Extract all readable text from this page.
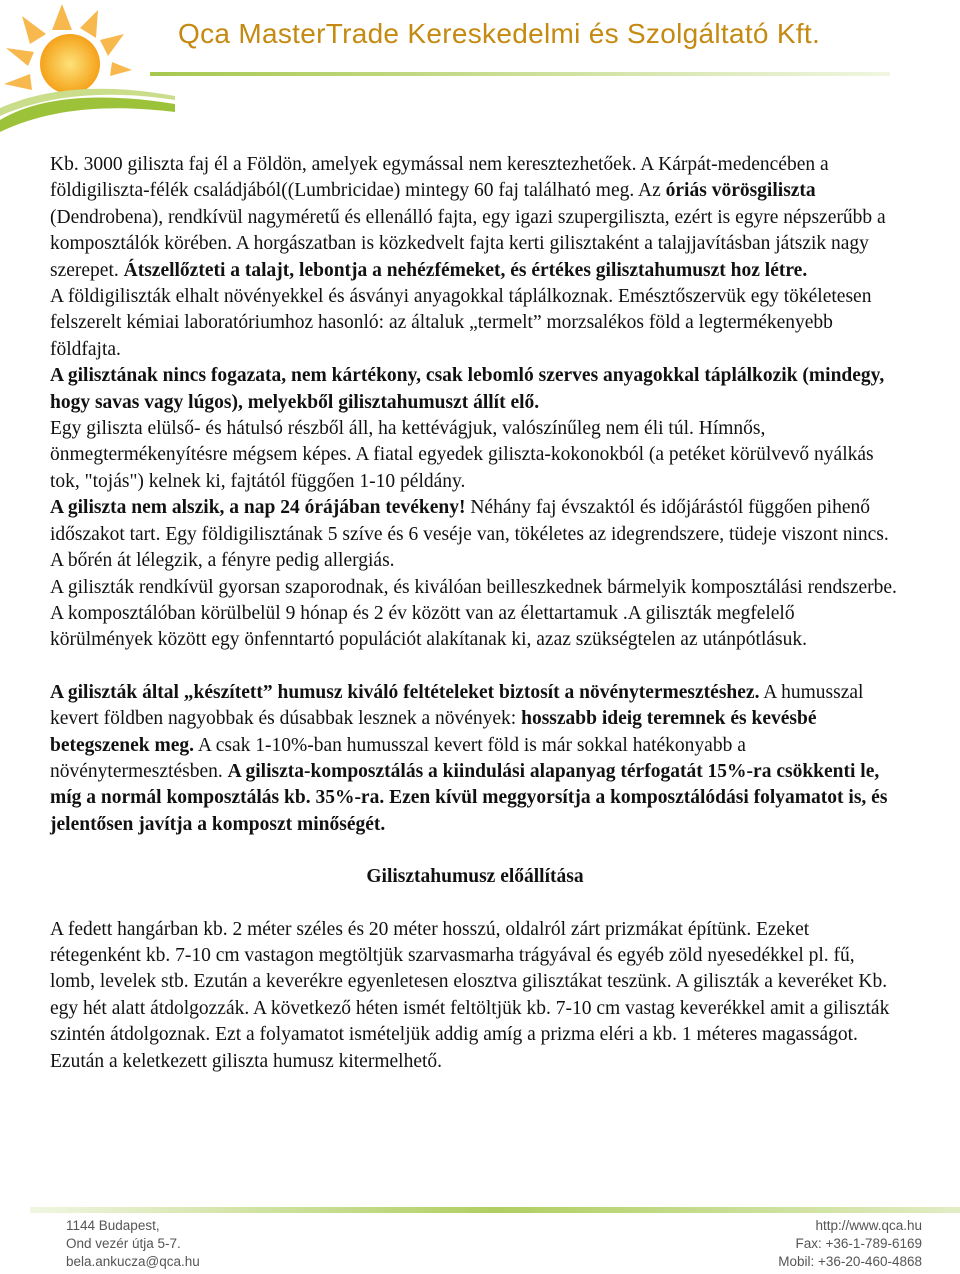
Qca MasterTrade Kereskedelmi és Szolgáltató Kft.

Kb. 3000 giliszta faj él a Földön, amelyek egymással nem keresztezhetőek. A Kárpát-medencében a földigiliszta-félék családjából((Lumbricidae) mintegy 60 faj található meg. Az óriás vörösgiliszta (Dendrobena), rendkívül nagyméretű és ellenálló fajta, egy igazi szupergiliszta, ezért is egyre népszerűbb a komposztálók körében. A horgászatban is közkedvelt fajta kerti gilisztaként a talajjavításban játszik nagy szerepet. Átszellőzteti a talajt, lebontja a nehézfémeket, és értékes gilisztahumuszt hoz létre.

A földigiliszták elhalt növényekkel és ásványi anyagokkal táplálkoznak. Emésztőszervük egy tökéletesen felszerelt kémiai laboratóriumhoz hasonló: az általuk „termelt” morzsalékos föld a legtermékenyebb földfajta.

A gilisztának nincs fogazata, nem kártékony, csak lebomló szerves anyagokkal táplálkozik (mindegy, hogy savas vagy lúgos), melyekből gilisztahumuszt állít elő.

Egy giliszta elülső- és hátulsó részből áll, ha kettévágjuk, valószínűleg nem éli túl. Hímnős, önmegtermékenyítésre mégsem képes. A fiatal egyedek giliszta-kokonokból (a petéket körülvevő nyálkás tok, "tojás") kelnek ki, fajtától függően 1-10 példány.

A giliszta nem alszik, a nap 24 órájában tevékeny! Néhány faj évszaktól és időjárástól függően pihenő időszakot tart. Egy földigilisztának 5 szíve és 6 veséje van, tökéletes az idegrendszere, tüdeje viszont nincs. A bőrén át lélegzik, a fényre pedig allergiás.

A giliszták rendkívül gyorsan szaporodnak, és kiválóan beilleszkednek bármelyik komposztálási rendszerbe. A komposztálóban körülbelül 9 hónap és 2 év között van az élettartamuk .A giliszták megfelelő körülmények között egy önfenntartó populációt alakítanak ki, azaz szükségtelen az utánpótlásuk.

A giliszták által „készített” humusz kiváló feltételeket biztosít a növénytermesztéshez. A humusszal kevert földben nagyobbak és dúsabbak lesznek a növények: hosszabb ideig teremnek és kevésbé betegszenek meg. A csak 1-10%-ban humusszal kevert föld is már sokkal hatékonyabb a növénytermesztésben. A giliszta-komposztálás a kiindulási alapanyag térfogatát 15%-ra csökkenti le, míg a normál komposztálás kb. 35%-ra. Ezen kívül meggyorsítja a komposztálódási folyamatot is, és jelentősen javítja a komposzt minőségét.

Gilisztahumusz előállítása

A fedett hangárban kb. 2 méter széles és 20 méter hosszú, oldalról zárt prizmákat építünk. Ezeket rétegenként kb. 7-10 cm vastagon megtöltjük szarvasmarha trágyával és egyéb zöld nyesedékkel pl. fű, lomb, levelek stb. Ezután a keverékre egyenletesen elosztva gilisztákat teszünk. A giliszták a keveréket Kb. egy hét alatt átdolgozzák. A következő héten ismét feltöltjük kb. 7-10 cm vastag keverékkel amit a giliszták szintén átdolgoznak. Ezt a folyamatot ismételjük addig amíg a prizma eléri a kb. 1 méteres magasságot.

Ezután a keletkezett giliszta humusz kitermelhető.

1144 Budapest,
Ond vezér útja 5-7.
bela.ankucza@qca.hu
http://www.qca.hu
Fax: +36-1-789-6169
Mobil: +36-20-460-4868
